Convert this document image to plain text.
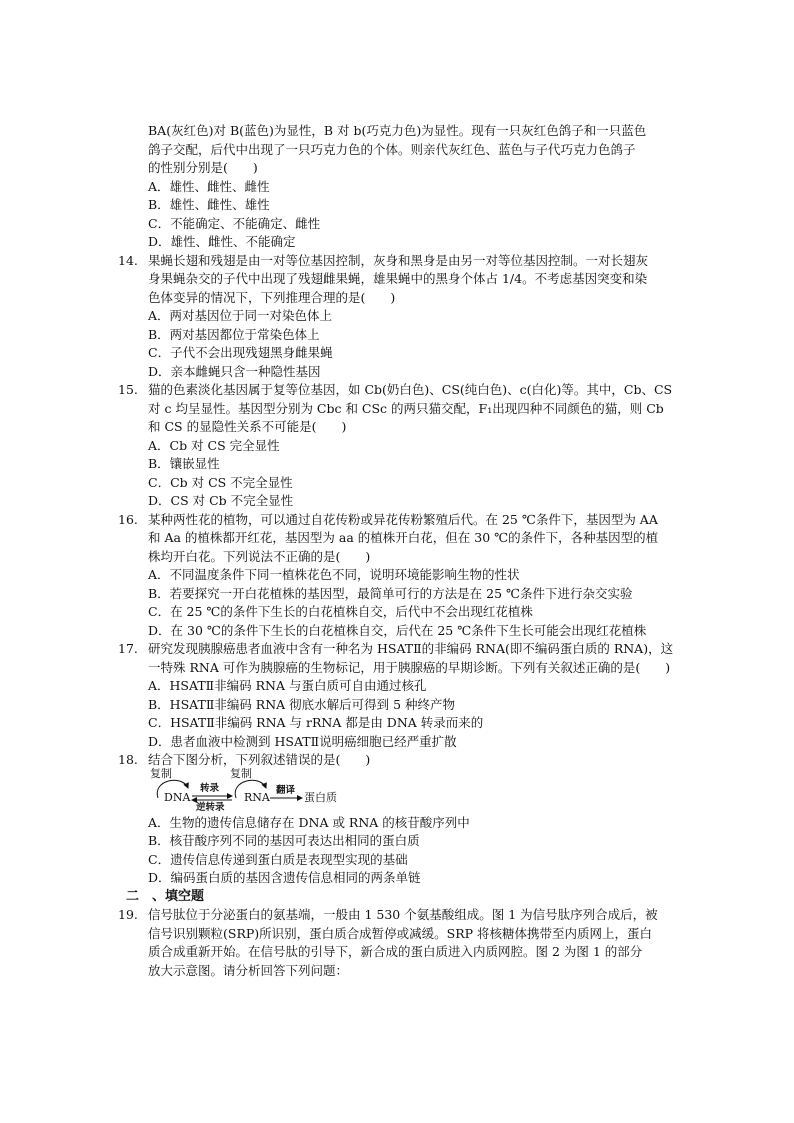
BA(灰红色)对 B(蓝色)为显性，B 对 b(巧克力色)为显性。现有一只灰红色鸽子和一只蓝色
鸽子交配，后代中出现了一只巧克力色的个体。则亲代灰红色、蓝色与子代巧克力色鸽子
的性别分别是(　　)
A．雄性、雌性、雌性
B．雄性、雌性、雄性
C．不能确定、不能确定、雌性
D．雄性、雌性、不能确定
14. 果蝇长翅和残翅是由一对等位基因控制，灰身和黑身是由另一对等位基因控制。一对长翅灰
身果蝇杂交的子代中出现了残翅雌果蝇，雄果蝇中的黑身个体占 1/4。不考虑基因突变和染
色体变异的情况下，下列推理合理的是(　　)
A．两对基因位于同一对染色体上
B．两对基因都位于常染色体上
C．子代不会出现残翅黑身雌果蝇
D．亲本雌蝇只含一种隐性基因
15. 猫的色素淡化基因属于复等位基因，如 Cb(奶白色)、CS(纯白色)、c(白化)等。其中，Cb、CS
对 c 均呈显性。基因型分别为 Cbc 和 CSc 的两只猫交配，F₁出现四种不同颜色的猫，则 Cb
和 CS 的显隐性关系不可能是(　　)
A．Cb 对 CS 完全显性
B．镶嵌显性
C．Cb 对 CS 不完全显性
D．CS 对 Cb 不完全显性
16. 某种两性花的植物，可以通过自花传粉或异花传粉繁殖后代。在 25 ℃条件下，基因型为 AA
和 Aa 的植株都开红花，基因型为 aa 的植株开白花，但在 30 ℃的条件下，各种基因型的植
株均开白花。下列说法不正确的是(　　)
A．不同温度条件下同一植株花色不同，说明环境能影响生物的性状
B．若要探究一开白花植株的基因型，最简单可行的方法是在 25 ℃条件下进行杂交实验
C．在 25 ℃的条件下生长的白花植株自交，后代中不会出现红花植株
D．在 30 ℃的条件下生长的白花植株自交，后代在 25 ℃条件下生长可能会出现红花植株
17. 研究发现胰腺癌患者血液中含有一种名为 HSATⅡ的非编码 RNA(即不编码蛋白质的 RNA)，这
一特殊 RNA 可作为胰腺癌的生物标记，用于胰腺癌的早期诊断。下列有关叙述正确的是(　　)
A．HSATⅡ非编码 RNA 与蛋白质可自由通过核孔
B．HSATⅡ非编码 RNA 彻底水解后可得到 5 种终产物
C．HSATⅡ非编码 RNA 与 rRNA 都是由 DNA 转录而来的
D．患者血液中检测到 HSATⅡ说明癌细胞已经严重扩散
18. 结合下图分析，下列叙述错误的是(　　)
复制	复制
DNA	RNA
转录
逆转录
翻译
蛋白质
A．生物的遗传信息储存在 DNA 或 RNA 的核苷酸序列中
B．核苷酸序列不同的基因可表达出相同的蛋白质
C．遗传信息传递到蛋白质是表现型实现的基础
D．编码蛋白质的基因含遗传信息相同的两条单链
二　、填空题
19. 信号肽位于分泌蛋白的氨基端，一般由 1 530 个氨基酸组成。图 1 为信号肽序列合成后，被
信号识别颗粒(SRP)所识别，蛋白质合成暂停或减缓。SRP 将核糖体携带至内质网上，蛋白
质合成重新开始。在信号肽的引导下，新合成的蛋白质进入内质网腔。图 2 为图 1 的部分
放大示意图。请分析回答下列问题：
